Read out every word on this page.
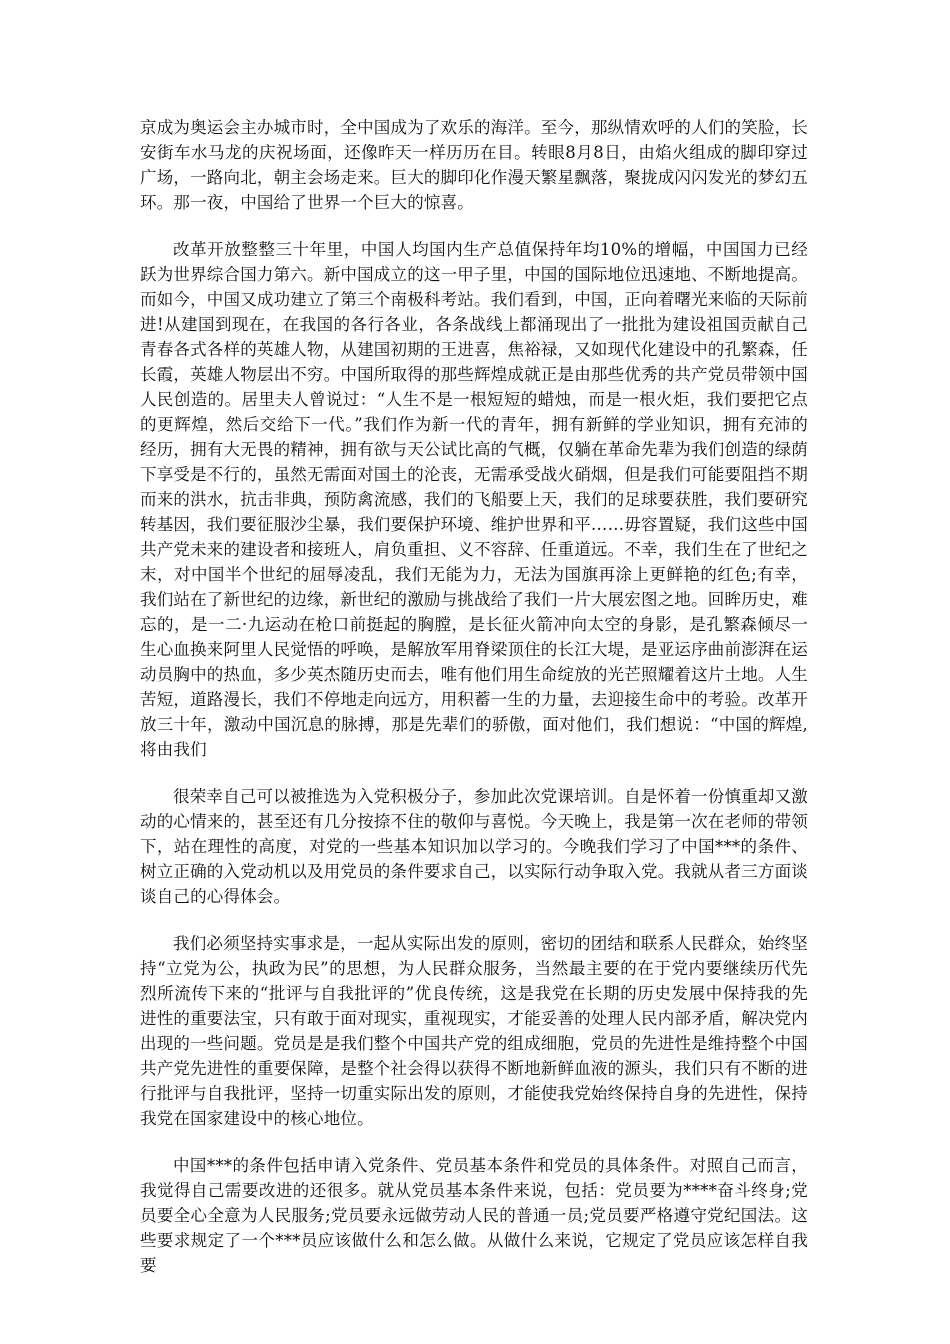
京成为奥运会主办城市时，全中国成为了欢乐的海洋。至今，那纵情欢呼的人们的笑脸，长安街车水马龙的庆祝场面，还像昨天一样历历在目。转眼8月8日，由焰火组成的脚印穿过广场，一路向北，朝主会场走来。巨大的脚印化作漫天繁星飘落，聚拢成闪闪发光的梦幻五环。那一夜，中国给了世界一个巨大的惊喜。

改革开放整整三十年里，中国人均国内生产总值保持年均10%的增幅，中国国力已经跃为世界综合国力第六。新中国成立的这一甲子里，中国的国际地位迅速地、不断地提高。而如今，中国又成功建立了第三个南极科考站。我们看到，中国，正向着曙光来临的天际前进!从建国到现在，在我国的各行各业，各条战线上都涌现出了一批批为建设祖国贡献自己青春各式各样的英雄人物，从建国初期的王进喜，焦裕禄，又如现代化建设中的孔繁森，任长霞，英雄人物层出不穷。中国所取得的那些辉煌成就正是由那些优秀的共产党员带领中国人民创造的。居里夫人曾说过：“人生不是一根短短的蜡烛，而是一根火炬，我们要把它点的更辉煌，然后交给下一代。”我们作为新一代的青年，拥有新鲜的学业知识，拥有充沛的经历，拥有大无畏的精神，拥有欲与天公试比高的气概，仅躺在革命先辈为我们创造的绿荫下享受是不行的，虽然无需面对国土的沦丧，无需承受战火硝烟，但是我们可能要阻挡不期而来的洪水，抗击非典，预防禽流感，我们的飞船要上天，我们的足球要获胜，我们要研究转基因，我们要征服沙尘暴，我们要保护环境、维护世界和平……毋容置疑，我们这些中国共产党未来的建设者和接班人，肩负重担、义不容辞、任重道远。不幸，我们生在了世纪之末，对中国半个世纪的屈辱凌乱，我们无能为力，无法为国旗再涂上更鲜艳的红色;有幸，我们站在了新世纪的边缘，新世纪的激励与挑战给了我们一片大展宏图之地。回眸历史，难忘的，是一二·九运动在枪口前挺起的胸膛，是长征火箭冲向太空的身影，是孔繁森倾尽一生心血换来阿里人民觉悟的呼唤，是解放军用脊梁顶住的长江大堤，是亚运序曲前澎湃在运动员胸中的热血，多少英杰随历史而去，唯有他们用生命绽放的光芒照耀着这片土地。人生苦短，道路漫长，我们不停地走向远方，用积蓄一生的力量，去迎接生命中的考验。改革开放三十年，激动中国沉息的脉搏，那是先辈们的骄傲，面对他们，我们想说：“中国的辉煌,将由我们

很荣幸自己可以被推选为入党积极分子，参加此次党课培训。自是怀着一份慎重却又激动的心情来的，甚至还有几分按捺不住的敬仰与喜悦。今天晚上，我是第一次在老师的带领下，站在理性的高度，对党的一些基本知识加以学习的。今晚我们学习了中国***的条件、树立正确的入党动机以及用党员的条件要求自己，以实际行动争取入党。我就从者三方面谈谈自己的心得体会。

我们必须坚持实事求是，一起从实际出发的原则，密切的团结和联系人民群众，始终坚持“立党为公，执政为民”的思想，为人民群众服务，当然最主要的在于党内要继续历代先烈所流传下来的“批评与自我批评的”优良传统，这是我党在长期的历史发展中保持我的先进性的重要法宝，只有敢于面对现实，重视现实，才能妥善的处理人民内部矛盾，解决党内出现的一些问题。党员是是我们整个中国共产党的组成细胞，党员的先进性是维持整个中国共产党先进性的重要保障，是整个社会得以获得不断地新鲜血液的源头，我们只有不断的进行批评与自我批评，坚持一切重实际出发的原则，才能使我党始终保持自身的先进性，保持我党在国家建设中的核心地位。

中国***的条件包括申请入党条件、党员基本条件和党员的具体条件。对照自己而言，我觉得自己需要改进的还很多。就从党员基本条件来说，包括：党员要为****奋斗终身;党员要全心全意为人民服务;党员要永远做劳动人民的普通一员;党员要严格遵守党纪国法。这些要求规定了一个***员应该做什么和怎么做。从做什么来说，它规定了党员应该怎样自我要
